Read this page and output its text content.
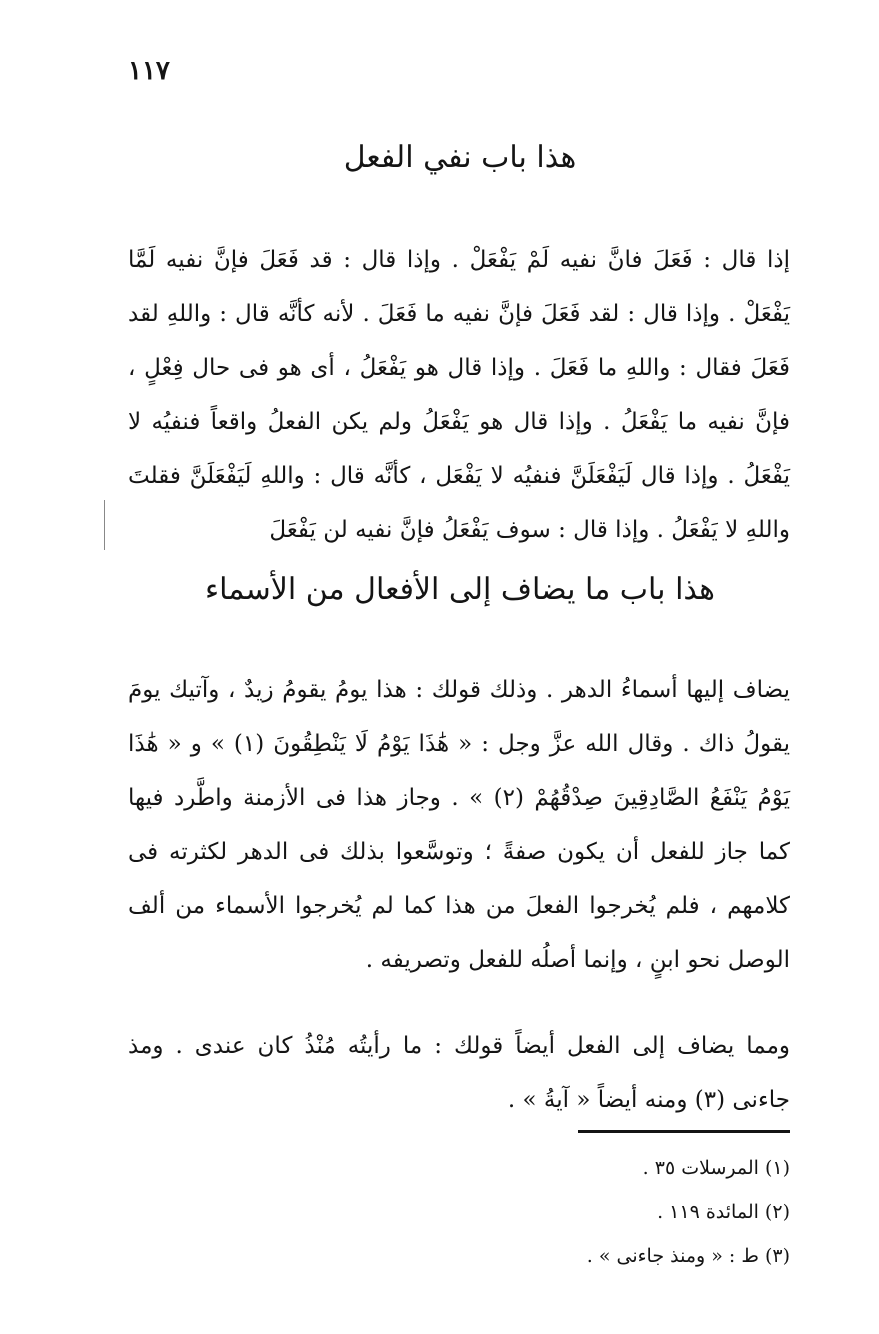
١١٧
هذا باب نفي الفعل

إذا قال : فَعَلَ فانَّ نفيه لَمْ يَفْعَلْ . وإذا قال : قد فَعَلَ فإنَّ نفيه لَمَّا يَفْعَلْ . وإذا قال : لقد فَعَلَ فإنَّ نفيه ما فَعَلَ . لأنه كأنَّه قال : واللهِ لقد فَعَلَ فقال : واللهِ ما فَعَلَ . وإذا قال هو يَفْعَلُ ، أى هو فى حال فِعْلٍ ، فإنَّ نفيه ما يَفْعَلُ . وإذا قال هو يَفْعَلُ ولم يكن الفعلُ واقعاً فنفيُه لا يَفْعَلُ . وإذا قال لَيَفْعَلَنَّ فنفيُه لا يَفْعَل ، كأنَّه قال : واللهِ لَيَفْعَلَنَّ فقلتَ واللهِ لا يَفْعَلُ . وإذا قال : سوف يَفْعَلُ فإنَّ نفيه لن يَفْعَلَ

هذا باب ما يضاف إلى الأفعال من الأسماء

يضاف إليها أسماءُ الدهر . وذلك قولك : هذا يومُ يقومُ زيدٌ ، وآتيك يومَ يقولُ ذاك . وقال الله عزَّ وجل : « هَٰذَا يَوْمُ لَا يَنْطِقُونَ (١) » و « هَٰذَا يَوْمُ يَنْفَعُ الصَّادِقِينَ صِدْقُهُمْ (٢) » . وجاز هذا فى الأزمنة واطَّرد فيها كما جاز للفعل أن يكون صفةً ؛ وتوسَّعوا بذلك فى الدهر لكثرته فى كلامهم ، فلم يُخرجوا الفعلَ من هذا كما لم يُخرجوا الأسماء من ألف الوصل نحو ابنٍ ، وإنما أصلُه للفعل وتصريفه .

ومما يضاف إلى الفعل أيضاً قولك : ما رأيتُه مُنْذُ كان عندى . ومذ جاءنى (٣) ومنه أيضاً « آيةُ » .

(١) المرسلات ٣٥ .
(٢) المائدة ١١٩ .
(٣) ط : « ومنذ جاءنى » .
